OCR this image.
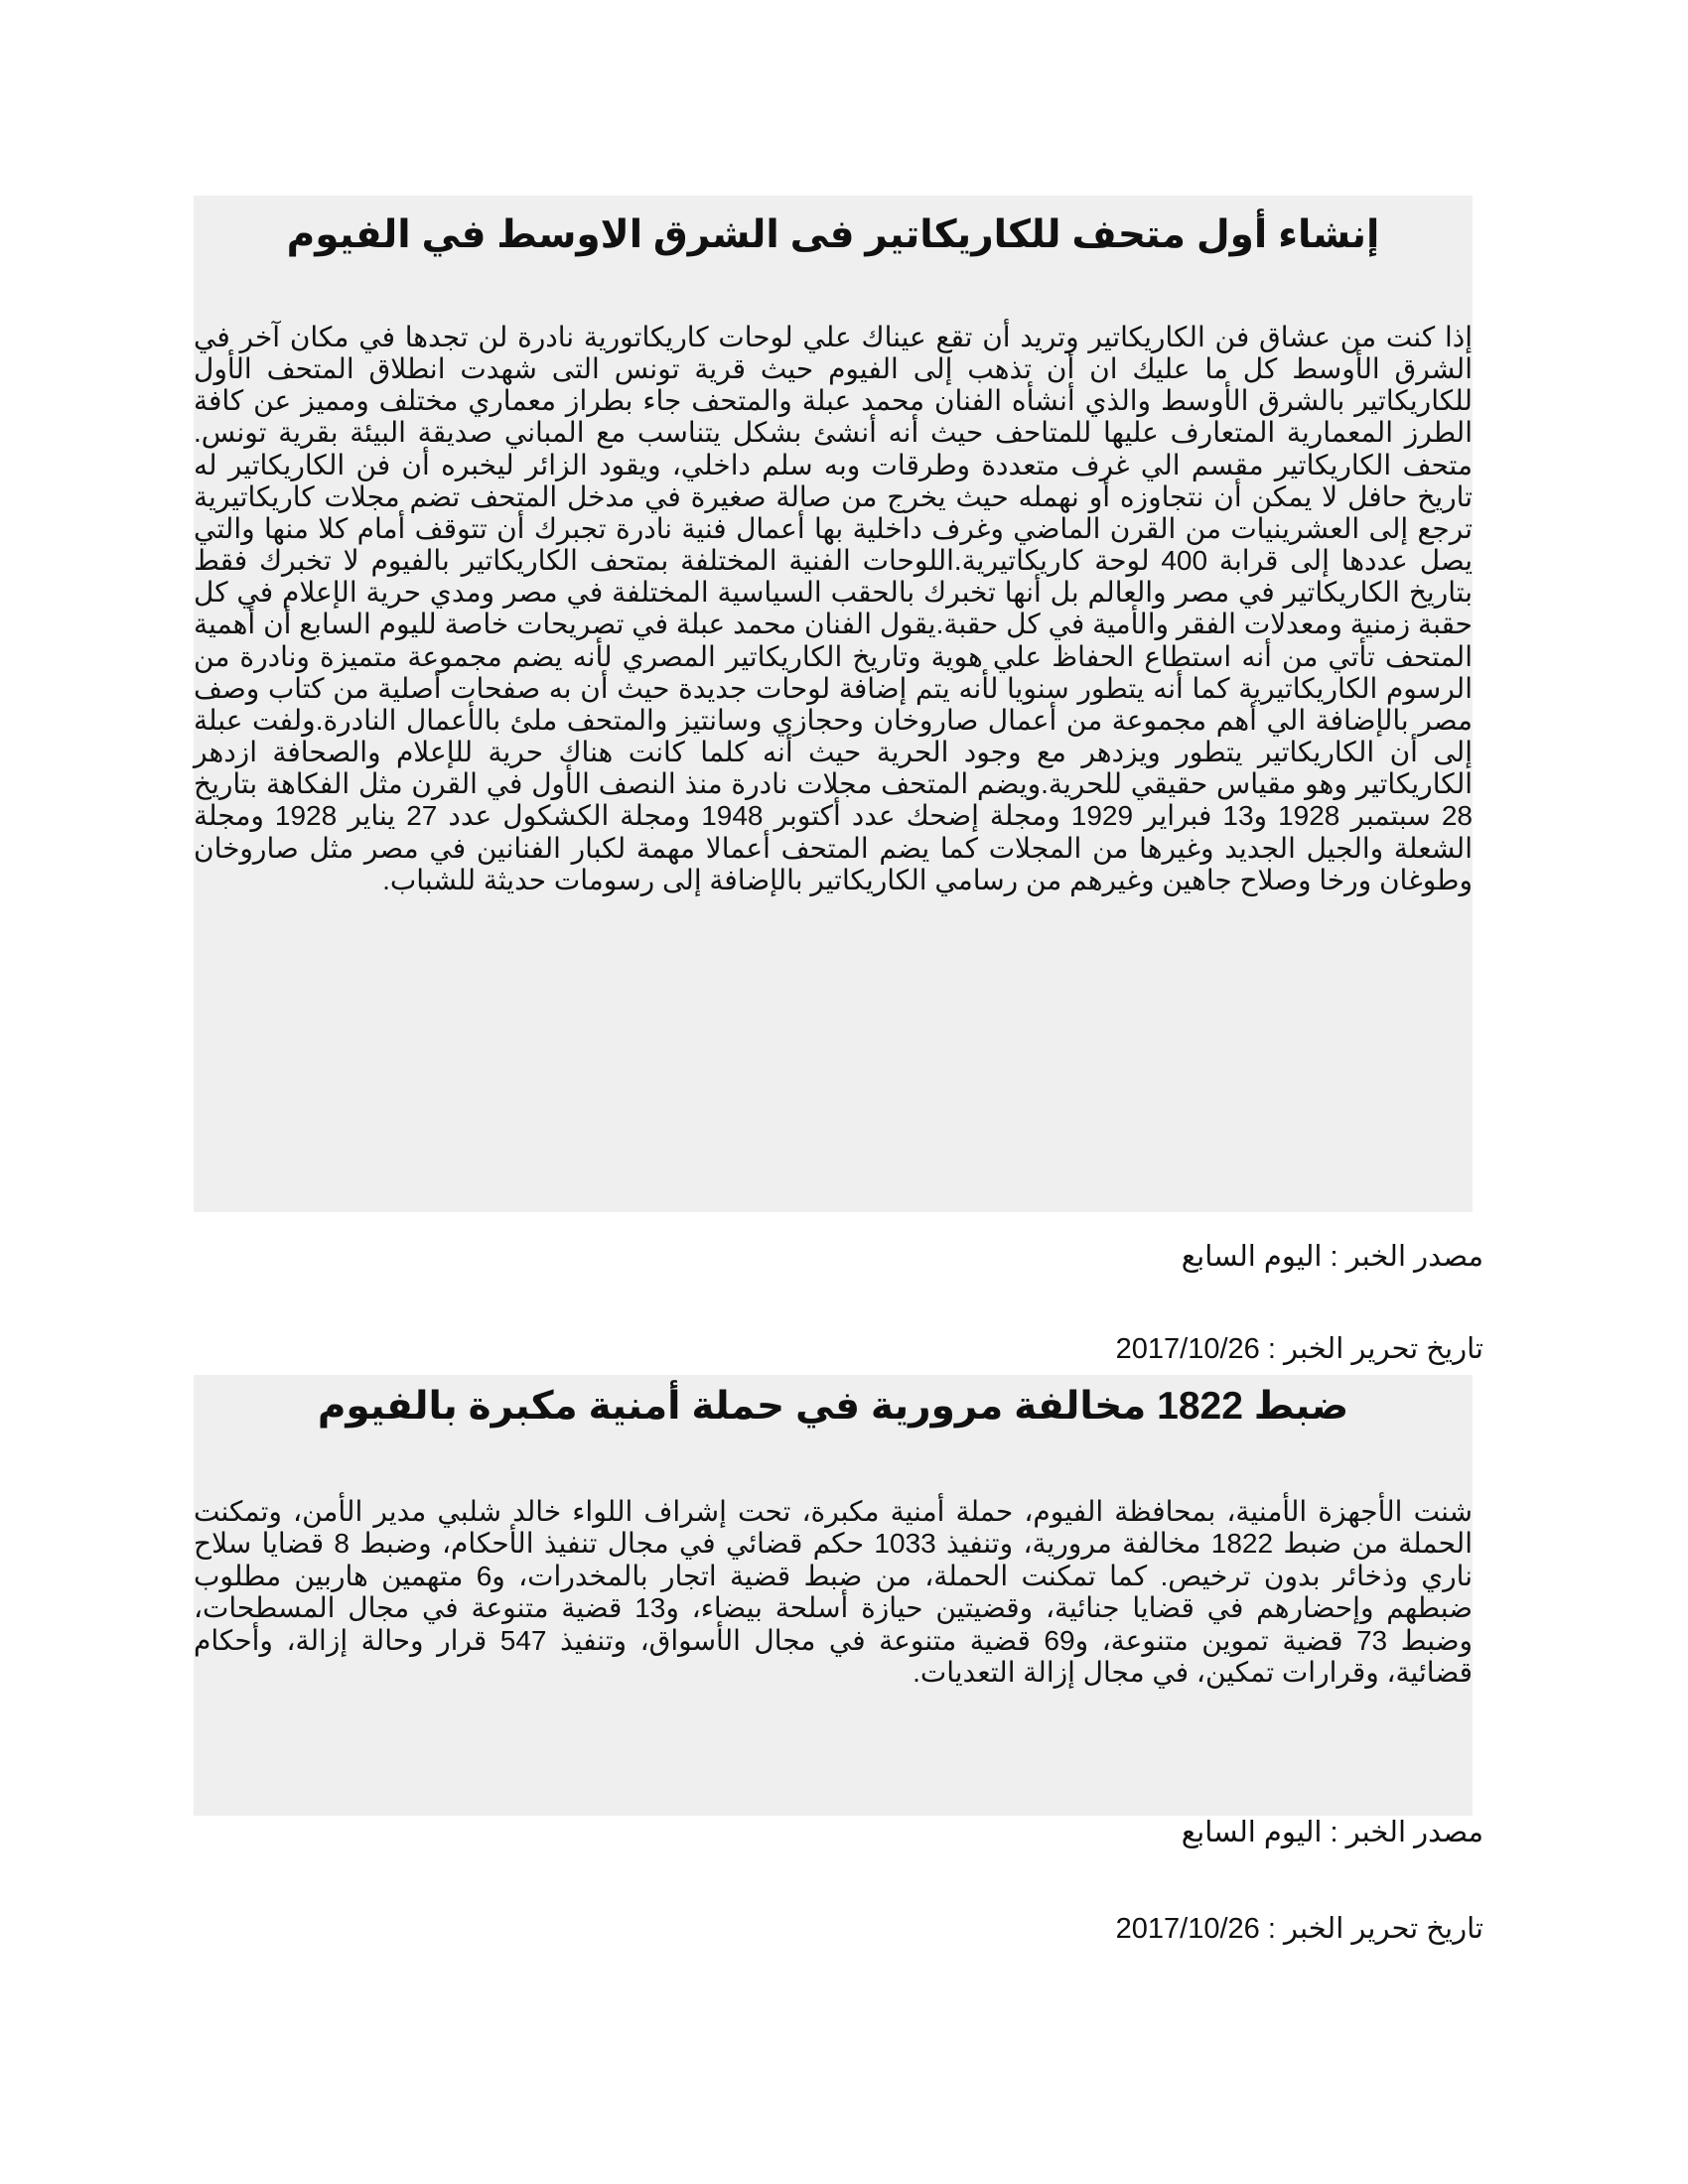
إنشاء أول متحف للكاريكاتير فى الشرق الاوسط في الفيوم

إذا كنت من عشاق فن الكاريكاتير وتريد أن تقع عيناك علي لوحات كاريكاتورية نادرة لن تجدها في مكان آخر في الشرق الأوسط كل ما عليك ان أن تذهب إلى الفيوم حيث قرية تونس التى شهدت انطلاق المتحف الأول للكاريكاتير بالشرق الأوسط والذي أنشأه الفنان محمد عبلة والمتحف جاء بطراز معماري مختلف ومميز عن كافة الطرز المعمارية المتعارف عليها للمتاحف حيث أنه أنشئ بشكل يتناسب مع المباني صديقة البيئة بقرية تونس. متحف الكاريكاتير مقسم الي غرف متعددة وطرقات وبه سلم داخلي، ويقود الزائر ليخبره أن فن الكاريكاتير له تاريخ حافل لا يمكن أن نتجاوزه أو نهمله حيث يخرج من صالة صغيرة في مدخل المتحف تضم مجلات كاريكاتيرية ترجع إلى العشرينيات من القرن الماضي وغرف داخلية بها أعمال فنية نادرة تجبرك أن تتوقف أمام كلا منها والتي يصل عددها إلى قرابة 400 لوحة كاريكاتيرية.اللوحات الفنية المختلفة بمتحف الكاريكاتير بالفيوم لا تخبرك فقط بتاريخ الكاريكاتير في مصر والعالم بل أنها تخبرك بالحقب السياسية المختلفة في مصر ومدي حرية الإعلام في كل حقبة زمنية ومعدلات الفقر والأمية في كل حقبة.يقول الفنان محمد عبلة في تصريحات خاصة لليوم السابع أن أهمية المتحف تأتي من أنه استطاع الحفاظ علي هوية وتاريخ الكاريكاتير المصري لأنه يضم مجموعة متميزة ونادرة من الرسوم الكاريكاتيرية كما أنه يتطور سنويا لأنه يتم إضافة لوحات جديدة حيث أن به صفحات أصلية من كتاب وصف مصر بالإضافة الي أهم مجموعة من أعمال صاروخان وحجازي وسانتيز والمتحف ملئ بالأعمال النادرة.ولفت عبلة إلى أن الكاريكاتير يتطور ويزدهر مع وجود الحرية حيث أنه كلما كانت هناك حرية للإعلام والصحافة ازدهر الكاريكاتير وهو مقياس حقيقي للحرية.ويضم المتحف مجلات نادرة منذ النصف الأول في القرن مثل الفكاهة بتاريخ 28 سبتمبر 1928 و13 فبراير 1929 ومجلة إضحك عدد أكتوبر 1948 ومجلة الكشكول عدد 27 يناير 1928 ومجلة الشعلة والجيل الجديد وغيرها من المجلات كما يضم المتحف أعمالا مهمة لكبار الفنانين في مصر مثل صاروخان وطوغان ورخا وصلاح جاهين وغيرهم من رسامي الكاريكاتير بالإضافة إلى رسومات حديثة للشباب.

مصدر الخبر : اليوم السابع
تاريخ تحرير الخبر : 2017/10/26
ضبط 1822 مخالفة مرورية في حملة أمنية مكبرة بالفيوم

شنت الأجهزة الأمنية، بمحافظة الفيوم، حملة أمنية مكبرة، تحت إشراف اللواء خالد شلبي مدير الأمن، وتمكنت الحملة من ضبط 1822 مخالفة مرورية، وتنفيذ 1033 حكم قضائي في مجال تنفيذ الأحكام، وضبط 8 قضايا سلاح ناري وذخائر بدون ترخيص. كما تمكنت الحملة، من ضبط قضية اتجار بالمخدرات، و6 متهمين هاربين مطلوب ضبطهم وإحضارهم في قضايا جنائية، وقضيتين حيازة أسلحة بيضاء، و13 قضية متنوعة في مجال المسطحات، وضبط 73 قضية تموين متنوعة، و69 قضية متنوعة في مجال الأسواق، وتنفيذ 547 قرار وحالة إزالة، وأحكام قضائية، وقرارات تمكين، في مجال إزالة التعديات.

مصدر الخبر : اليوم السابع
تاريخ تحرير الخبر : 2017/10/26
